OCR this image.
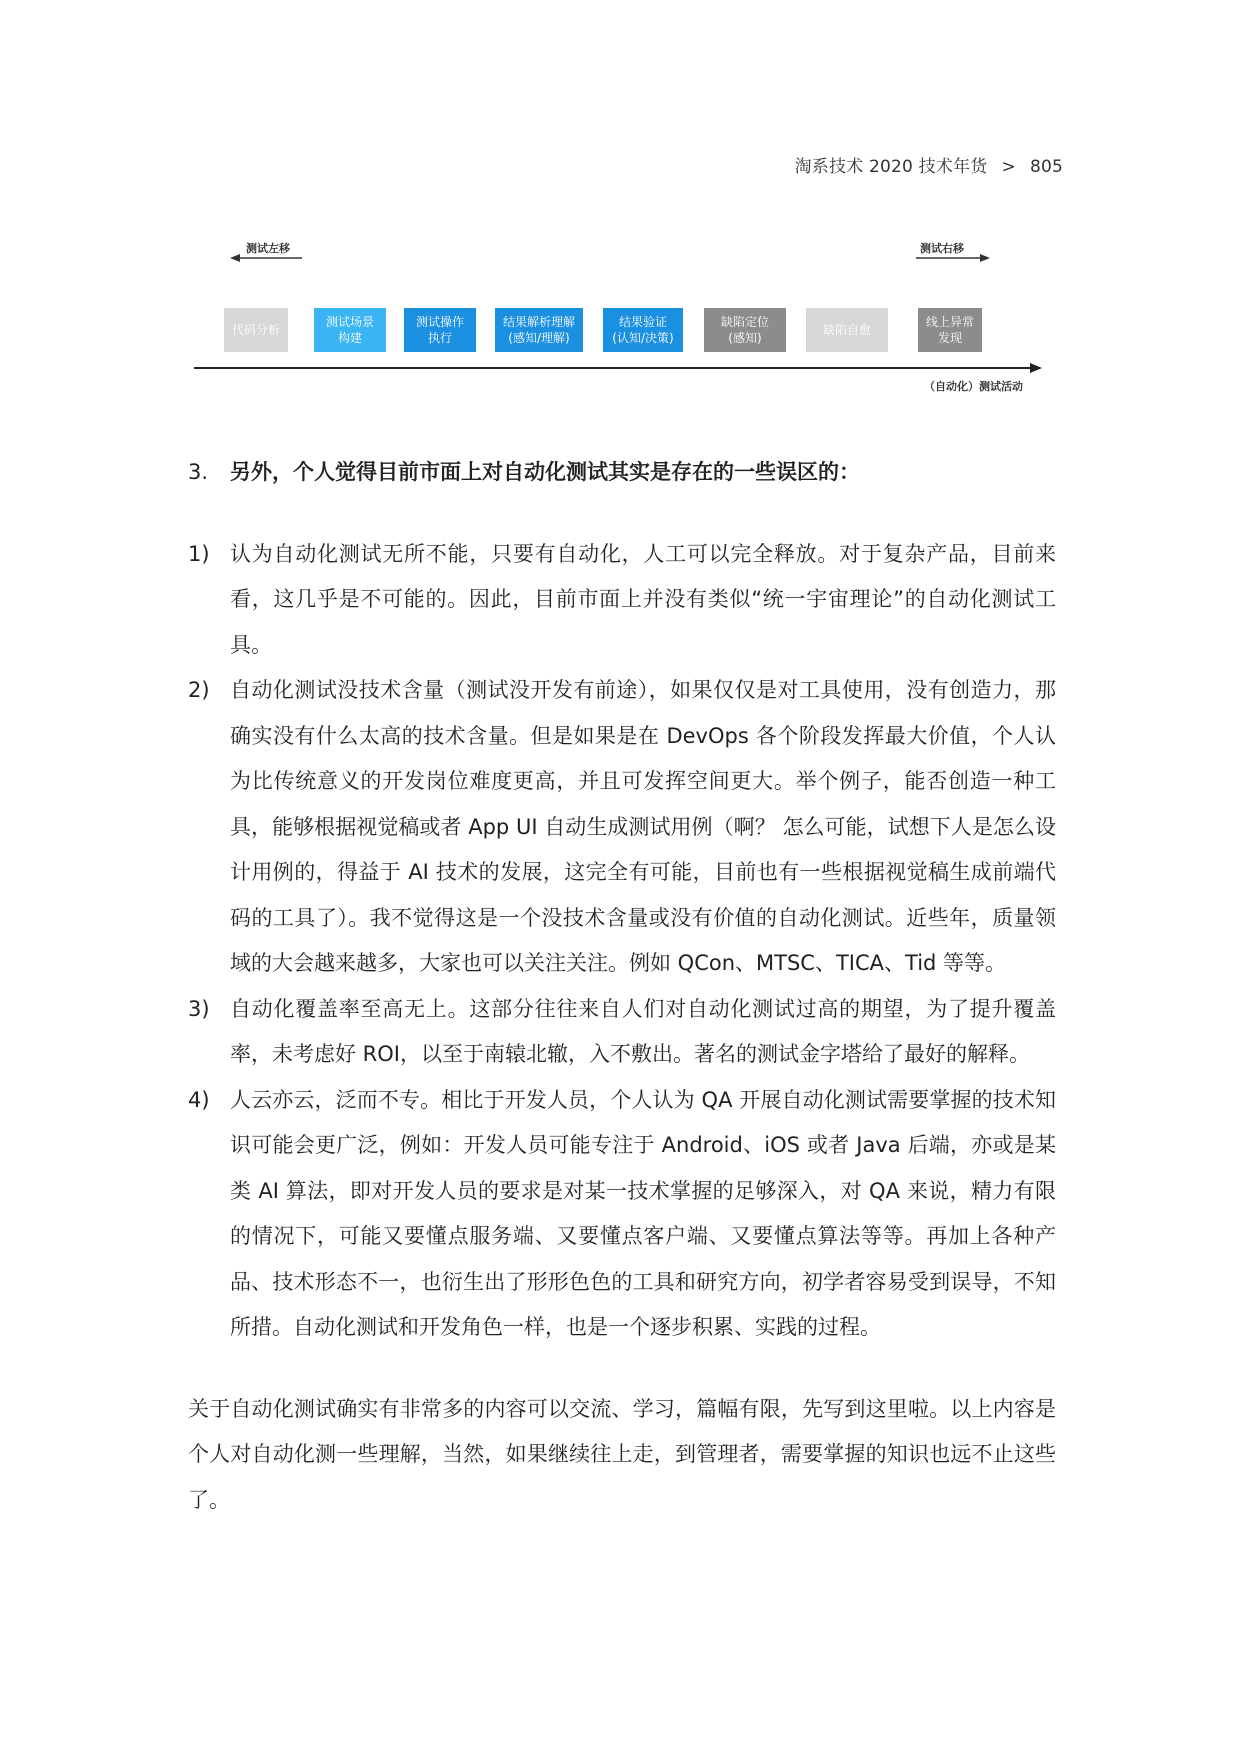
淘系技术 2020 技术年货 > 805
测试左移	测试右移
代码分析
测试场景
构建
测试操作
执行
结果解析理解
(感知/理解)
结果验证
(认知/决策)
缺陷定位
(感知)
缺陷自愈
线上异常
发现
（自动化）测试活动
3.	另外，个人觉得目前市面上对自动化测试其实是存在的一些误区的：
1) 认为自动化测试无所不能，只要有自动化，人工可以完全释放。对于复杂产品，目前来看，这几乎是不可能的。因此，目前市面上并没有类似“统一宇宙理论”的自动化测试工具。
2) 自动化测试没技术含量（测试没开发有前途），如果仅仅是对工具使用，没有创造力，那确实没有什么太高的技术含量。但是如果是在 DevOps 各个阶段发挥最大价值，个人认为比传统意义的开发岗位难度更高，并且可发挥空间更大。举个例子，能否创造一种工具，能够根据视觉稿或者 App UI 自动生成测试用例（啊？ 怎么可能，试想下人是怎么设计用例的，得益于 AI 技术的发展，这完全有可能，目前也有一些根据视觉稿生成前端代码的工具了）。我不觉得这是一个没技术含量或没有价值的自动化测试。近些年，质量领域的大会越来越多，大家也可以关注关注。例如 QCon、MTSC、TICA、Tid 等等。
3) 自动化覆盖率至高无上。这部分往往来自人们对自动化测试过高的期望，为了提升覆盖率，未考虑好 ROI，以至于南辕北辙，入不敷出。著名的测试金字塔给了最好的解释。
4) 人云亦云，泛而不专。相比于开发人员，个人认为 QA 开展自动化测试需要掌握的技术知识可能会更广泛，例如：开发人员可能专注于 Android、iOS 或者 Java 后端，亦或是某类 AI 算法，即对开发人员的要求是对某一技术掌握的足够深入，对 QA 来说，精力有限的情况下，可能又要懂点服务端、又要懂点客户端、又要懂点算法等等。再加上各种产品、技术形态不一，也衍生出了形形色色的工具和研究方向，初学者容易受到误导，不知所措。自动化测试和开发角色一样，也是一个逐步积累、实践的过程。
关于自动化测试确实有非常多的内容可以交流、学习，篇幅有限，先写到这里啦。以上内容是个人对自动化测一些理解，当然，如果继续往上走，到管理者，需要掌握的知识也远不止这些了。
